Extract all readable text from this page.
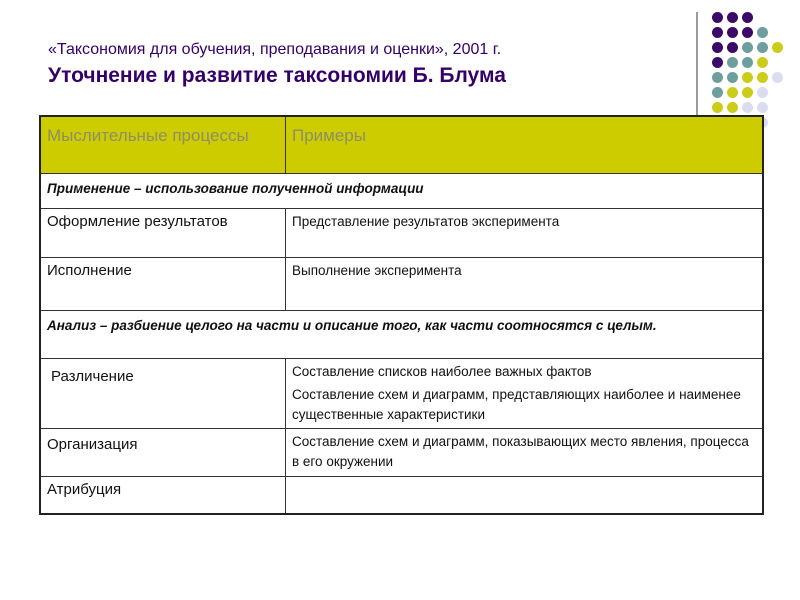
«Таксономия для обучения, преподавания и оценки», 2001 г.
Уточнение и развитие таксономии Б. Блума
Мыслительные процессы	Примеры
Применение – использование полученной информации	
Оформление результатов	Представление результатов эксперимента

Исполнение	Выполнение эксперимента

Анализ – разбиение целого на части и описание того, как части соотносятся с целым.	
Различение	Составление списков наиболее важных фактов
Составление схем и диаграмм, представляющих наиболее и наименее существенные характеристики

Организация	Составление схем и диаграмм, показывающих место явления, процесса в его окружении

Атрибуция	
